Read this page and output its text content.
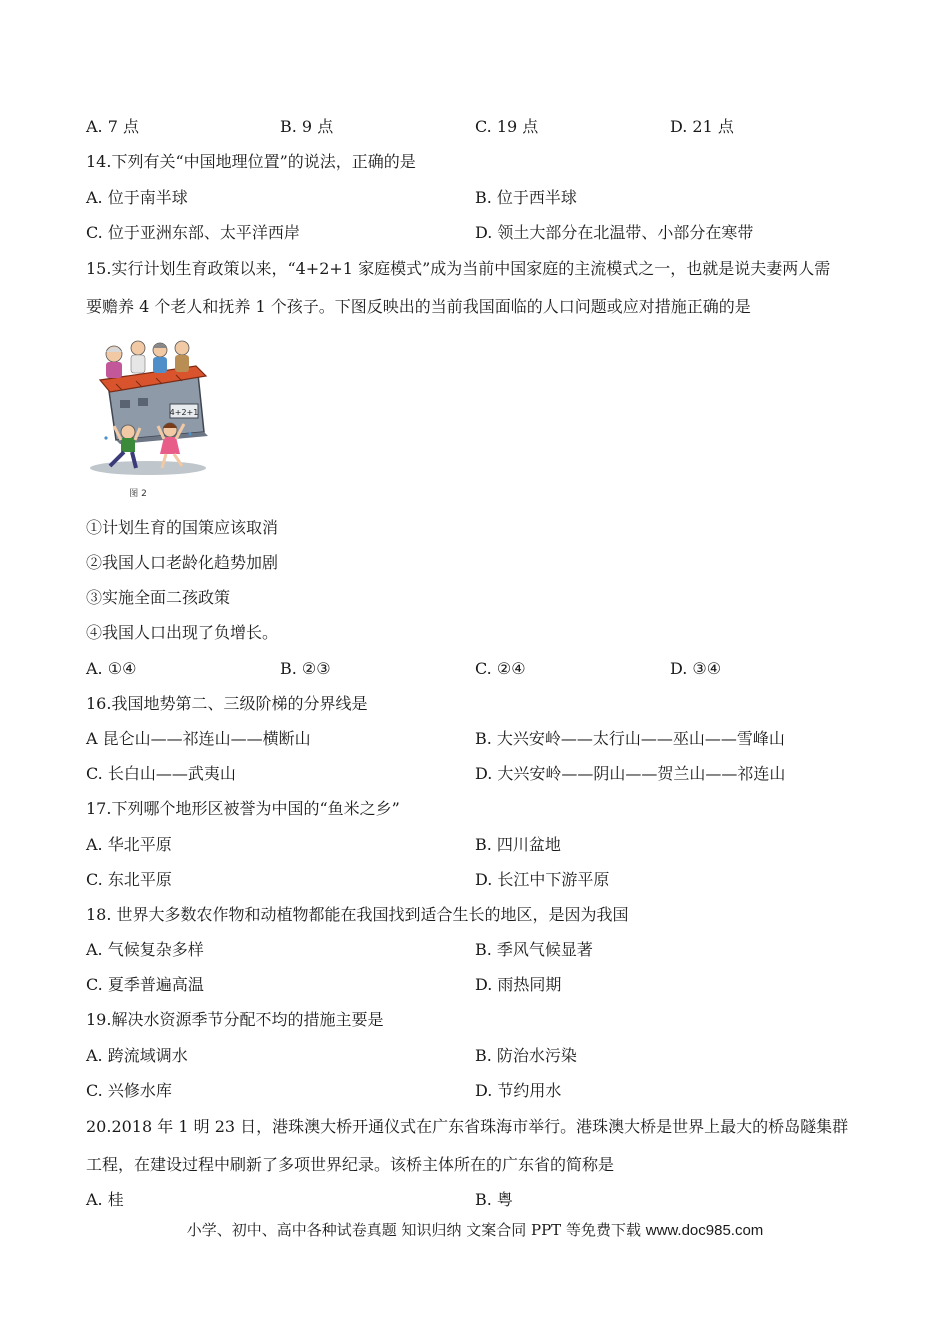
A. 7 点	B. 9 点	C. 19 点	D. 21 点
14.下列有关“中国地理位置”的说法，正确的是
A. 位于南半球	B. 位于西半球
C. 位于亚洲东部、太平洋西岸	D. 领土大部分在北温带、小部分在寒带
15.实行计划生育政策以来，“4+2+1 家庭模式”成为当前中国家庭的主流模式之一，也就是说夫妻两人需
要赡养 4 个老人和抚养 1 个孩子。下图反映出的当前我国面临的人口问题或应对措施正确的是
4+2+1
图 2
①计划生育的国策应该取消
②我国人口老龄化趋势加剧
③实施全面二孩政策
④我国人口出现了负增长。
A. ①④	B. ②③	C. ②④	D. ③④
16.我国地势第二、三级阶梯的分界线是
A 昆仑山——祁连山——横断山	B. 大兴安岭——太行山——巫山——雪峰山
C. 长白山——武夷山	D. 大兴安岭——阴山——贺兰山——祁连山
17.下列哪个地形区被誉为中国的“鱼米之乡”
A. 华北平原	B. 四川盆地
C. 东北平原	D. 长江中下游平原
18. 世界大多数农作物和动植物都能在我国找到适合生长的地区，是因为我国
A. 气候复杂多样	B. 季风气候显著
C. 夏季普遍高温	D. 雨热同期
19.解决水资源季节分配不均的措施主要是
A. 跨流域调水	B. 防治水污染
C. 兴修水库	D. 节约用水
20.2018 年 1 明 23 日，港珠澳大桥开通仪式在广东省珠海市举行。港珠澳大桥是世界上最大的桥岛隧集群
工程，在建设过程中刷新了多项世界纪录。该桥主体所在的广东省的简称是
A. 桂	B. 粤
小学、初中、高中各种试卷真题 知识归纳 文案合同 PPT 等免费下载 www.doc985.com
